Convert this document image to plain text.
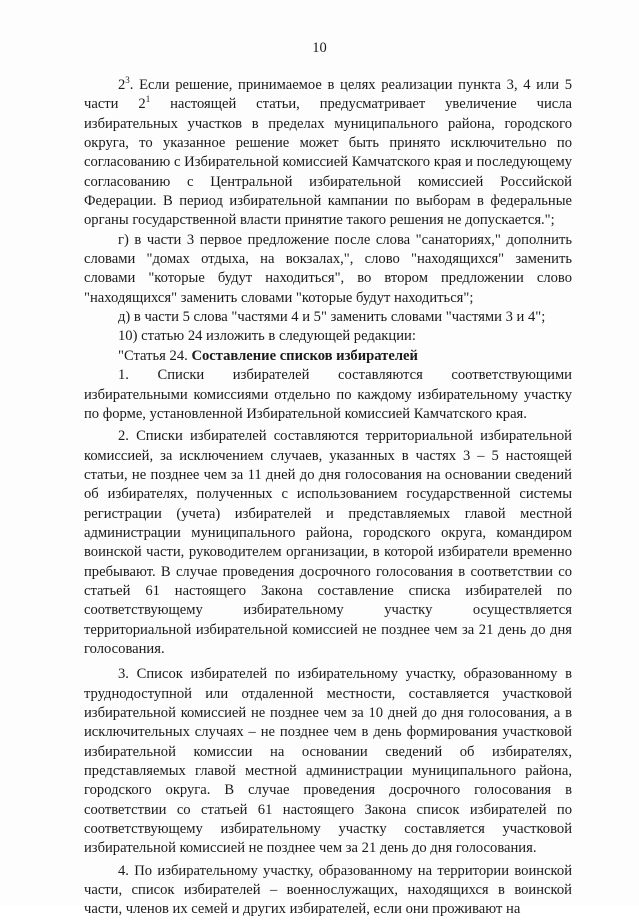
10

$2^3$. Если решение, принимаемое в целях реализации пункта 3, 4 или 5 части $2^1$ настоящей статьи, предусматривает увеличение числа избирательных участков в пределах муниципального района, городского округа, то указанное решение может быть принято исключительно по согласованию с Избирательной комиссией Камчатского края и последующему согласованию с Центральной избирательной комиссией Российской Федерации. В период избирательной кампании по выборам в федеральные органы государственной власти принятие такого решения не допускается.";

г) в части 3 первое предложение после слова "санаториях," дополнить словами "домах отдыха, на вокзалах,", слово "находящихся" заменить словами "которые будут находиться", во втором предложении слово "находящихся" заменить словами "которые будут находиться";

д) в части 5 слова "частями 4 и 5" заменить словами "частями 3 и 4";

10) статью 24 изложить в следующей редакции:

"Статья 24. Составление списков избирателей

1. Списки избирателей составляются соответствующими избирательными комиссиями отдельно по каждому избирательному участку по форме, установленной Избирательной комиссией Камчатского края.

2. Списки избирателей составляются территориальной избирательной комиссией, за исключением случаев, указанных в частях 3 – 5 настоящей статьи, не позднее чем за 11 дней до дня голосования на основании сведений об избирателях, полученных с использованием государственной системы регистрации (учета) избирателей и представляемых главой местной администрации муниципального района, городского округа, командиром воинской части, руководителем организации, в которой избиратели временно пребывают. В случае проведения досрочного голосования в соответствии со статьей 61 настоящего Закона составление списка избирателей по соответствующему избирательному участку осуществляется территориальной избирательной комиссией не позднее чем за 21 день до дня голосования.

3. Список избирателей по избирательному участку, образованному в труднодоступной или отдаленной местности, составляется участковой избирательной комиссией не позднее чем за 10 дней до дня голосования, а в исключительных случаях – не позднее чем в день формирования участковой избирательной комиссии на основании сведений об избирателях, представляемых главой местной администрации муниципального района, городского округа. В случае проведения досрочного голосования в соответствии со статьей 61 настоящего Закона список избирателей по соответствующему избирательному участку составляется участковой избирательной комиссией не позднее чем за 21 день до дня голосования.

4. По избирательному участку, образованному на территории воинской части, список избирателей – военнослужащих, находящихся в воинской части, членов их семей и других избирателей, если они проживают на
